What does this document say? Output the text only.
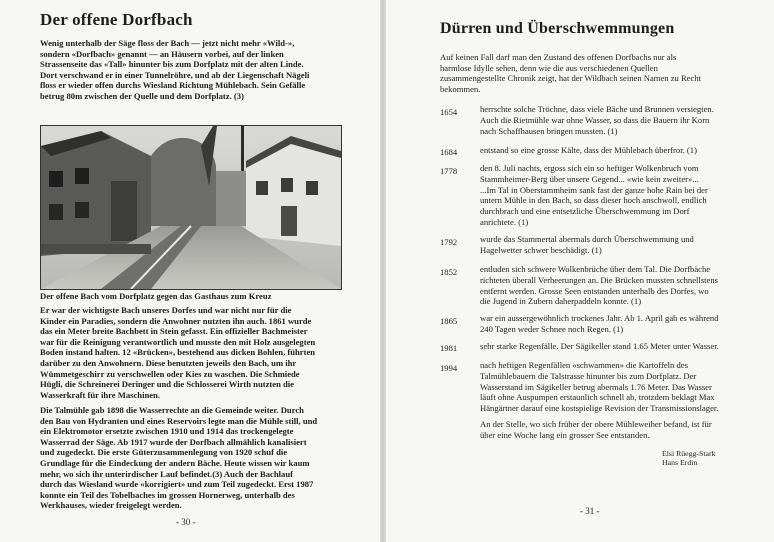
Der offene Dorfbach
Wenig unterhalb der Säge floss der Bach — jetzt nicht mehr «Wild-»,
sondern «Dorfbach» genannt — an Häusern vorbei, auf der linken
Strassenseite das «Tall» hinunter bis zum Dorfplatz mit der alten Linde.
Dort verschwand er in einer Tunnelröhre, und ab der Liegenschaft Nägeli
floss er wieder offen durchs Wiesland Richtung Mühlebach. Sein Gefälle
betrug 80m zwischen der Quelle und dem Dorfplatz. (3)
Der offene Bach vom Dorfplatz gegen das Gasthaus zum Kreuz
Er war der wichtigste Bach unseres Dorfes und war nicht nur für die
Kinder ein Paradies, sondern die Anwohner nutzten ihn auch. 1861 wurde
das ein Meter breite Bachbett in Stein gefasst. Ein offizieller Bachmeister
war für die Reinigung verantwortlich und musste den mit Holz ausgelegten
Boden instand halten. 12 «Brücken», bestehend aus dicken Bohlen, führten
darüber zu den Anwohnern. Diese benutzten jeweils den Bach, um ihr
Wümmetgeschirr zu verschwellen oder Kies zu waschen. Die Schmiede
Hügli, die Schreinerei Deringer und die Schlosserei Wirth nutzten die
Wasserkraft für ihre Maschinen.
Die Talmühle gab 1898 die Wasserrechte an die Gemeinde weiter. Durch
den Bau von Hydranten und eines Reservoirs legte man die Mühle still, und
ein Elektromotor ersetzte zwischen 1910 und 1914 das trockengelegte
Wasserrad der Säge. Ab 1917 wurde der Dorfbach allmählich kanalisiert
und zugedeckt. Die erste Güterzusammenlegung von 1920 schuf die
Grundlage für die Eindeckung der andern Bäche. Heute wissen wir kaum
mehr, wo sich ihr unterirdischer Lauf befindet.(3) Auch der Bachlauf
durch das Wiesland wurde «korrigiert» und zum Teil zugedeckt. Erst 1987
konnte ein Teil des Tobelbaches im grossen Hornerweg, unterhalb des
Werkhauses, wieder freigelegt werden.
- 30 -
Dürren und Überschwemmungen
Auf keinen Fall darf man den Zustand des offenen Dorfbachs nur als
harmlose Idylle sehen, denn wie die aus verschiedenen Quellen
zusammengestellte Chronik zeigt, hat der Wildbach seinen Namen zu Recht
bekommen.
1654	herrschte solche Tröchne, dass viele Bäche und Brunnen versiegten.
Auch die Rietmühle war ohne Wasser, so dass die Bauern ihr Korn
nach Schaffhausen bringen mussten. (1)
1684	entstand so eine grosse Kälte, dass der Mühlebach überfror. (1)
1778	den 8. Juli nachts, ergoss sich ein so heftiger Wolkenbruch vom
Stammheimer-Berg über unsere Gegend... «wie kein zweiter»...
...Im Tal in Oberstammheim sank fast der ganze hohe Rain bei der
untern Mühle in den Bach, so dass dieser hoch anschwoll, endlich
durchbrach und eine entsetzliche Überschwemmung im Dorf
anrichtete. (1)
1792	wurde das Stammertal abermals durch Überschwemmung und
Hagelwetter schwer beschädigt. (1)
1852	entluden sich schwere Wolkenbrüche über dem Tal. Die Dorfbäche
richteten überall Verheerungen an. Die Brücken mussten schnellstens
entfernt werden. Grosse Seen entstanden unterhalb des Dorfes, wo
die Jugend in Zubern daherpaddeln konnte. (1)
1865	war ein aussergewöhnlich trockenes Jahr. Ab 1. April gab es während
240 Tagen weder Schnee noch Regen. (1)
1981	sehr starke Regenfälle. Der Sägikeller stand 1.65 Meter unter Wasser.
1994	nach heftigen Regenfällen «schwammen» die Kartoffeln des
Talmühlebauern die Talstrasse hinunter bis zum Dorfplatz. Der
Wasserstand im Sägikeller betrug abermals 1.76 Meter. Das Wasser
läuft ohne Auspumpen erstaunlich schnell ab, trotzdem beklagt Max
Hängärtner darauf eine kostspielige Revision der Transmissionslager.
An der Stelle, wo sich früher der obere Mühleweiher befand, ist für
über eine Woche lang ein grosser See entstanden.
Elsi Rüegg-Stark
Hans Erdin
- 31 -
